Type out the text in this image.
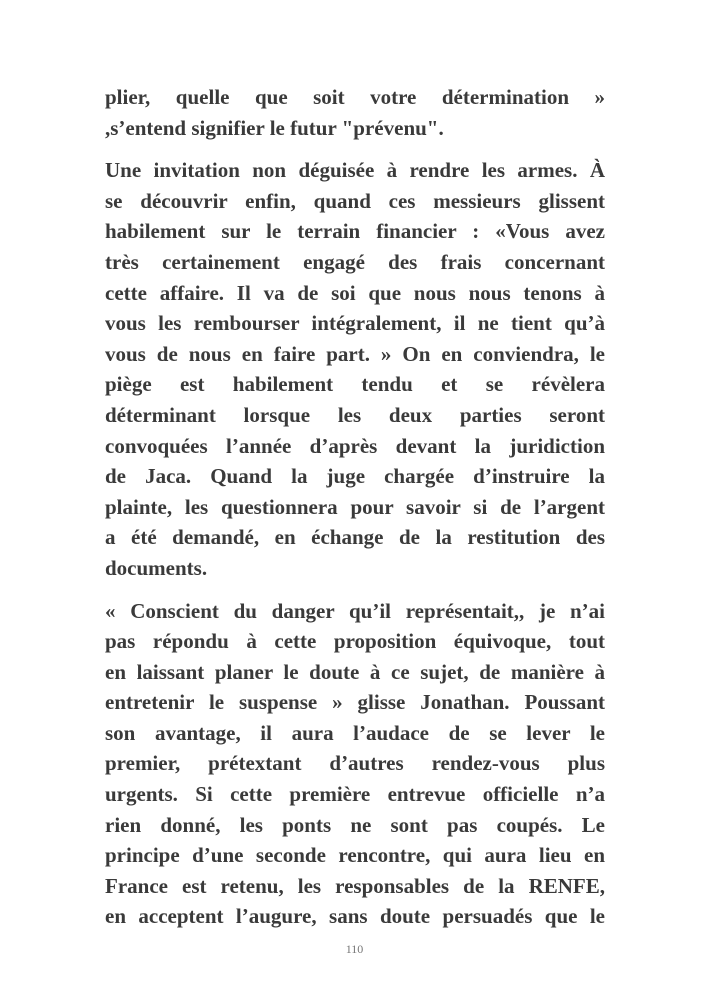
plier, quelle que soit votre détermination »
,s’entend signifier le futur "prévenu".
Une invitation non déguisée à rendre les armes. À
se découvrir enfin, quand ces messieurs glissent
habilement sur le terrain financier : «Vous avez
très certainement engagé des frais concernant
cette affaire. Il va de soi que nous nous tenons à
vous les rembourser intégralement, il ne tient qu’à
vous de nous en faire part. » On en conviendra, le
piège est habilement tendu et se révèlera
déterminant lorsque les deux parties seront
convoquées l’année d’après devant la juridiction
de Jaca. Quand la juge chargée d’instruire la
plainte, les questionnera pour savoir si de l’argent
a été demandé, en échange de la restitution des
documents.
« Conscient du danger qu’il représentait,, je n’ai
pas répondu à cette proposition équivoque, tout
en laissant planer le doute à ce sujet, de manière à
entretenir le suspense » glisse Jonathan. Poussant
son avantage, il aura l’audace de se lever le
premier, prétextant d’autres rendez-vous plus
urgents. Si cette première entrevue officielle n’a
rien donné, les ponts ne sont pas coupés. Le
principe d’une seconde rencontre, qui aura lieu en
France est retenu, les responsables de la RENFE,
en acceptent l’augure, sans doute persuadés que le
110
